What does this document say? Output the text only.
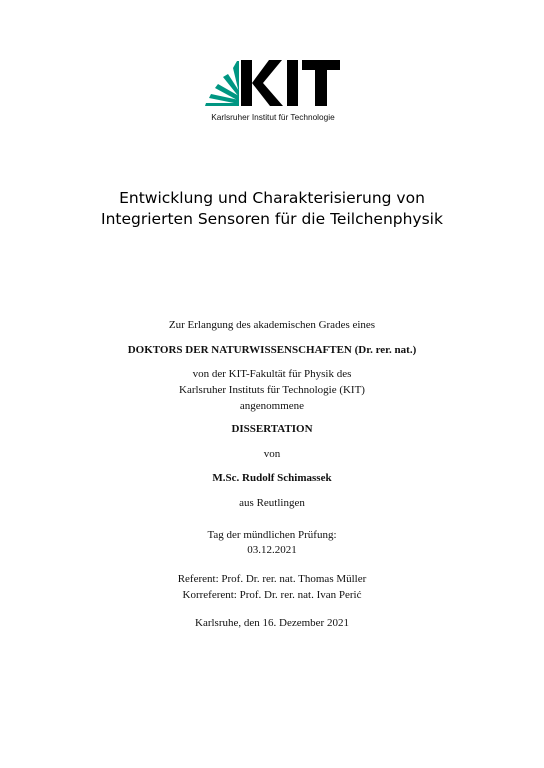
Karlsruher Institut für Technologie
Entwicklung und Charakterisierung von
Integrierten Sensoren für die Teilchenphysik
Zur Erlangung des akademischen Grades eines
DOKTORS DER NATURWISSENSCHAFTEN (Dr. rer. nat.)
von der KIT-Fakultät für Physik des
Karlsruher Instituts für Technologie (KIT)
angenommene
DISSERTATION
von
M.Sc. Rudolf Schimassek
aus Reutlingen
Tag der mündlichen Prüfung:
03.12.2021
Referent: Prof. Dr. rer. nat. Thomas Müller
Korreferent: Prof. Dr. rer. nat. Ivan Perić
Karlsruhe, den 16. Dezember 2021
